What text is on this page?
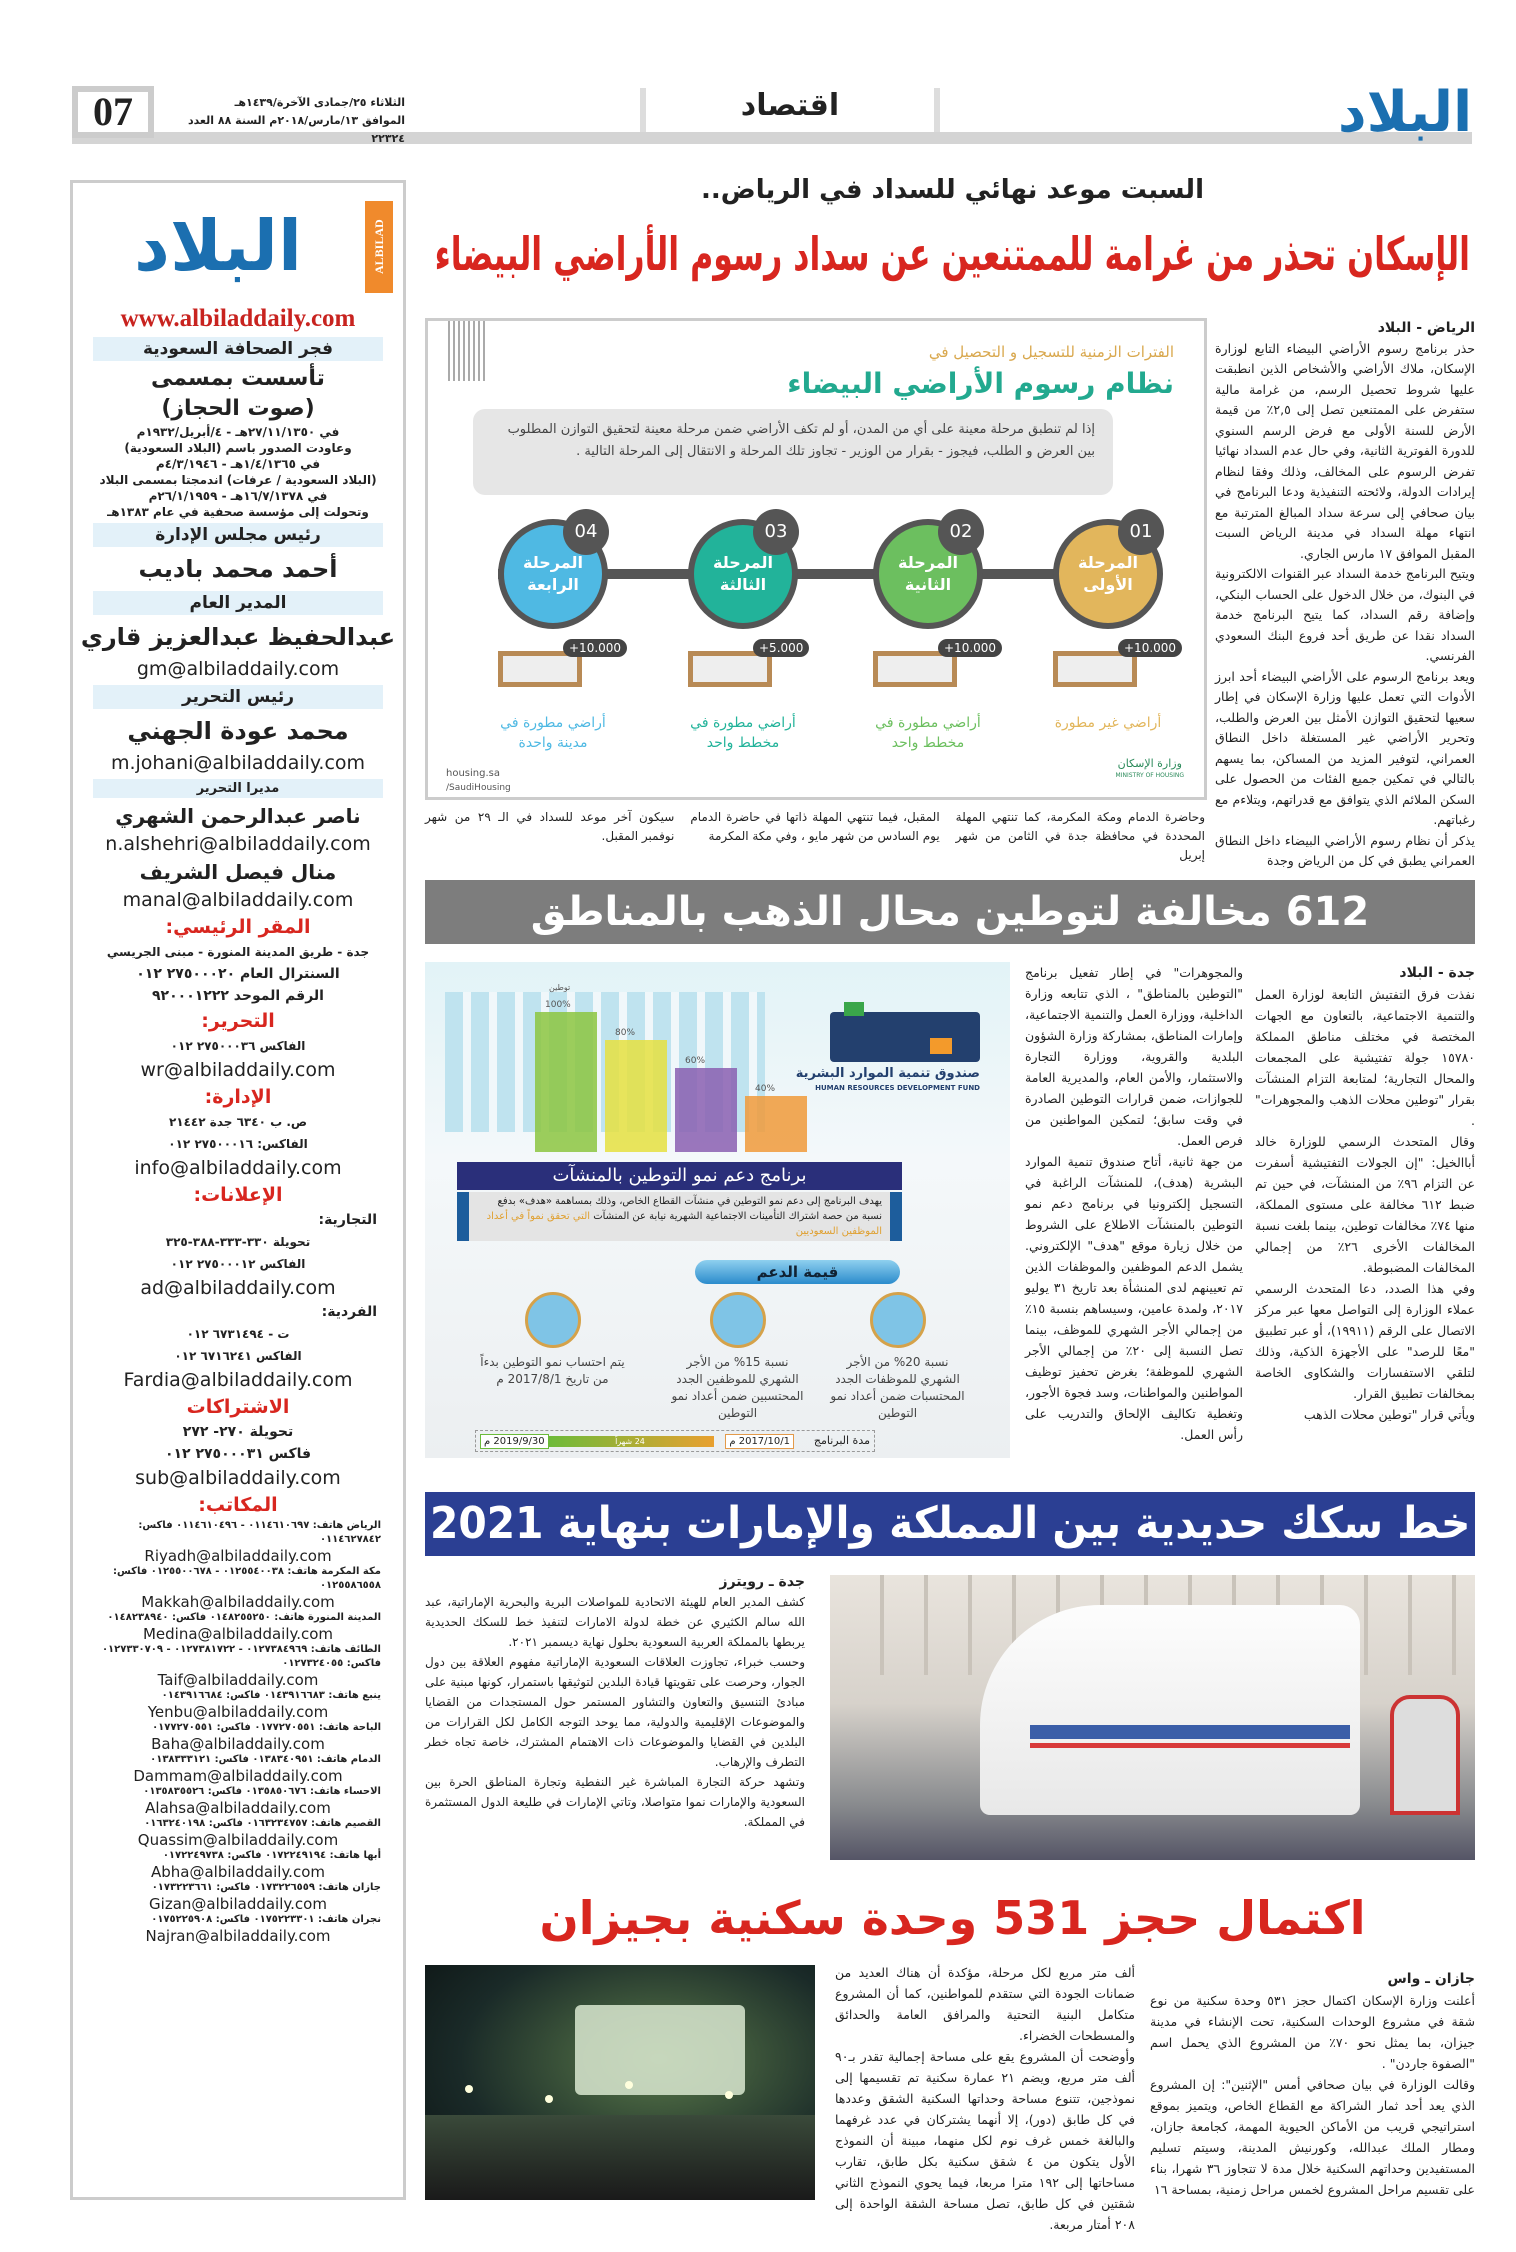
البلاد
اقتصاد
07	الثلاثاء ٢٥/جمادى الآخرة/١٤٣٩هـ
الموافق ١٣/مارس/٢٠١٨م السنة ٨٨ العدد ٢٢٣٢٤
البلاد	ALBILAD
www.albiladdaily.com
فجر الصحافة السعودية
تأسست بمسمى
(صوت الحجاز)
في ٢٧/١١/١٣٥٠هـ - ٤/أبريل/١٩٣٢م
وعاودت الصدور باسم (البلاد السعودية)
في ١/٤/١٣٦٥هـ - ٤/٣/١٩٤٦م
(البلاد السعودية / عرفات) اندمجتا بمسمى البلاد
في ١٦/٧/١٣٧٨هـ - ٢٦/١/١٩٥٩م
وتحولت إلى مؤسسة صحفية في عام ١٣٨٣هـ
رئيس مجلس الإدارة
أحمد محمد باديب
المدير العام
عبدالحفيظ عبدالعزيز قاري
gm@albiladdaily.com
رئيس التحرير
محمد عودة الجهني
m.johani@albiladdaily.com
مديرا التحرير
ناصر عبدالرحمن الشهري
n.alshehri@albiladdaily.com
منال فيصل الشريف
manal@albiladdaily.com
المقر الرئيسي:
جدة - طريق المدينة المنورة - مبنى الجريسي
السنترال العام ٢٧٥٠٠٠٢٠ ٠١٢
الرقم الموحد ٩٢٠٠٠١٢٢٢
التحرير:
الفاكس ٢٧٥٠٠٠٣٦ ٠١٢
wr@albiladdaily.com
الإدارة:
ص. ب ٦٣٤٠ جدة ٢١٤٤٢
الفاكس: ٢٧٥٠٠٠١٦ ٠١٢
info@albiladdaily.com
الإعلانات:
التجارية:
تحويلة ٣٣٠-٣٣٣-٣٨٨-٣٢٥
الفاكس ٢٧٥٠٠٠١٢ ٠١٢
ad@albiladdaily.com
الفردية:
ت - ٦٧٣١٤٩٤ ٠١٢
الفاكس ٦٧١٦٢٤١ ٠١٢
Fardia@albiladdaily.com
الاشتراكات
تحويلة ٢٧٠- ٢٧٢
فاكس ٢٧٥٠٠٠٣١ ٠١٢
sub@albiladdaily.com
المكاتب:
الرياض هاتف: ٠١١٤٦١٠٦٩٧ - ٠١١٤٦١٠٤٩٦ فاكس: ٠١١٤٦٢٧٨٤٢
Riyadh@albiladdaily.com
مكة المكرمة هاتف: ٠١٢٥٥٤٠٠٣٨ - ٠١٢٥٥٠٠٦٧٨ فاكس: ٠١٢٥٥٨٦٥٥٨
Makkah@albiladdaily.com
المدينة المنورة هاتف: ٠١٤٨٢٥٥٢٥٠ فاكس: ٠١٤٨٢٣٨٩٤٠
Medina@albiladdaily.com
الطائف هاتف: ٠١٢٧٣٨٤٩٦٩ - ٠١٢٧٣٨١٧٢٢ - ٠١٢٧٣٣٠٧٠٩ فاكس: ٠١٢٧٣٢٤٠٥٥
Taif@albiladdaily.com
ينبع هاتف: ٠١٤٣٩١٦٦٨٣ فاكس: ٠١٤٣٩١٦٦٨٤
Yenbu@albiladdaily.com
الباحة هاتف: ٠١٧٧٢٧٠٥٥١ فاكس: ٠١٧٧٢٧٠٥٥١
Baha@albiladdaily.com
الدمام هاتف: ٠١٣٨٣٤٠٩٥١ فاكس: ٠١٣٨٣٣٣١٢١
Dammam@albiladdaily.com
الاحساء هاتف: ٠١٣٥٨٥٠٦٧٦ فاكس: ٠١٣٥٨٣٥٥٢٦
Alahsa@albiladdaily.com
القصيم هاتف: ٠١٦٣٢٣٤٧٥٧ فاكس: ٠١٦٣٢٤٠١٩٨
Quassim@albiladdaily.com
أبها هاتف: ٠١٧٢٢٤٩١٩٤ فاكس: ٠١٧٢٢٤٩٧٣٨
Abha@albiladdaily.com
جازان هاتف: ٠١٧٣٢٢٦٥٥٩ فاكس: ٠١٧٣٢٢٣٦٦١
Gizan@albiladdaily.com
نجران هاتف: ٠١٧٥٢٢٣٣٠١ فاكس: ٠١٧٥٢٢٥٩٠٨
Najran@albiladdaily.com
السبت موعد نهائي للسداد في الرياض..
الإسكان تحذر من غرامة للممتنعين عن سداد رسوم الأراضي البيضاء
الرياض - البلاد

حذر برنامج رسوم الأراضي البيضاء التابع لوزارة الإسكان، ملاك الأراضي والأشخاص الذين انطبقت عليها شروط تحصيل الرسم، من غرامة مالية ستفرض على الممتنعين تصل إلى ٢,٥٪ من قيمة الأرض للسنة الأولى مع فرض الرسم السنوي للدورة الفوترية الثانية، وفي حال عدم السداد نهائيا تفرض الرسوم على المخالف، وذلك وفقا لنظام إيرادات الدولة، ولائحته التنفيذية ودعا البرنامج في بيان صحافي إلى سرعة سداد المبالغ المترتبة مع انتهاء مهلة السداد في مدينة الرياض السبت المقبل الموافق ١٧ مارس الجاري.

ويتيح البرنامج خدمة السداد عبر القنوات الالكترونية في البنوك، من خلال الدخول على الحساب البنكي، وإضافة رقم السداد، كما يتيح البرنامج خدمة السداد نقدا عن طريق أحد فروع البنك السعودي الفرنسي.

ويعد برنامج الرسوم على الأراضي البيضاء أحد ابرز الأدوات التي تعمل عليها وزارة الإسكان في إطار سعيها لتحقيق التوازن الأمثل بين العرض والطلب، وتحرير الأراضي غير المستغلة داخل النطاق العمراني، لتوفير المزيد من المساكن، بما يسهم بالتالي في تمكين جميع الفئات من الحصول على السكن الملائم الذي يتوافق مع قدراتهم، ويتلاءم مع رغباتهم.

يذكر أن نظام رسوم الأراضي البيضاء داخل النطاق العمراني يطبق في كل من الرياض وجدة

الفترات الزمنية للتسجيل و التحصيل في
نظام رسوم الأراضي البيضاء
إذا لم تنطبق مرحلة معينة على أي من المدن، أو لم تكف الأراضي ضمن مرحلة معينة لتحقيق التوازن المطلوب بين العرض و الطلب، فيجوز - بقرار من الوزير - تجاوز تلك المرحلة و الانتقال إلى المرحلة التالية .
المرحلة الأولى
01
+10.000
أراضي غير مطورة
المرحلة الثانية
02
+10.000
أراضي مطورة في مخطط واحد
المرحلة الثالثة
03
+5.000
أراضي مطورة في مخطط واحد
المرحلة الرابعة
04
+10.000
أراضي مطورة في مدينة واحدة
housing.sa
/SaudiHousing
وزارة الإسكان
MINISTRY OF HOUSING

وحاضرة الدمام ومكة المكرمة، كما تنتهي المهلة المحددة في محافظة جدة في الثامن من شهر إبريل

المقبل، فيما تنتهي المهلة ذاتها في حاضرة الدمام يوم السادس من شهر مايو ، وفي مكة المكرمة

سيكون آخر موعد للسداد في الـ ٢٩ من شهر نوفمبر المقبل.

612 مخالفة لتوطين محال الذهب بالمناطق
جدة - البلاد

نفذت فرق التفتيش التابعة لوزارة العمل والتنمية الاجتماعية، بالتعاون مع الجهات المختصة في مختلف مناطق المملكة ١٥٧٨٠ جولة تفتيشية على المجمعات والمحال التجارية؛ لمتابعة التزام المنشآت بقرار "توطين محلات الذهب والمجوهرات" .

وقال المتحدث الرسمي للوزارة خالد أباالخيل: "إن الجولات التفتيشية أسفرت عن التزام ٩٦٪ من المنشآت، في حين تم ضبط ٦١٢ مخالفة على مستوى المملكة، منها ٧٤٪ مخالفات توطين، بينما بلغت نسبة المخالفات الأخرى ٢٦٪ من إجمالي المخالفات المضبوطة.

وفي هذا الصدد، دعا المتحدث الرسمي عملاء الوزارة إلى التواصل معها عبر مركز الاتصال على الرقم (١٩٩١١)، أو عبر تطبيق "معًا للرصد" على الأجهزة الذكية، وذلك لتلقي الاستفسارات والشكاوى الخاصة بمخالفات تطبيق القرار.

ويأتي قرار "توطين محلات الذهب

والمجوهرات" في إطار تفعيل برنامج "التوطين بالمناطق" ، الذي تتابعه وزارة الداخلية، ووزارة العمل والتنمية الاجتماعية، وإمارات المناطق، بمشاركة وزارة الشؤون البلدية والقروية، ووزارة التجارة والاستثمار، والأمن العام، والمديرية العامة للجوازات، ضمن قرارات التوطين الصادرة في وقت سابق؛ لتمكين المواطنين من فرص العمل.

من جهة ثانية، أتاح صندوق تنمية الموارد البشرية (هدف)، للمنشآت الراغبة في التسجيل إلكترونيا في برنامج دعم نمو التوطين بالمنشآت الاطلاع على الشروط من خلال زيارة موقع "هدف" الإلكتروني. يشمل الدعم الموظفين والموظفات الذين تم تعيينهم لدى المنشأة بعد تاريخ ٣١ يوليو ٢٠١٧، ولمدة عامين، وسيساهم بنسبة ١٥٪ من إجمالي الأجر الشهري للموظف، بينما تصل النسبة إلى ٢٠٪ من إجمالي الأجر الشهري للموظفة؛ بغرض تحفيز توظيف المواطنين والمواطنات، وسد فجوة الأجور، وتغطية تكاليف الإلحاق والتدريب على رأس العمل.

100%
80%
60%
40%
توطين
صندوق تنمية الموارد البشرية
HUMAN RESOURCES DEVELOPMENT FUND
برنامج دعم نمو التوطين بالمنشآت
يهدف البرنامج إلى دعم نمو التوطين في منشآت القطاع الخاص، وذلك بمساهمة «هدف» بدفع نسبة من حصة اشتراك التأمينات الاجتماعية الشهرية نيابة عن المنشآت التي تحقق نمواً في أعداد الموظفين السعوديين
قيمة الدعم
نسبة 20% من الأجر الشهري للموظفات الجدد المحتسبات ضمن أعداد نمو التوطين
نسبة 15% من الأجر الشهري للموظفين الجدد المحتسبين ضمن أعداد نمو التوطين
يتم احتساب نمو التوطين بدءاً من تاريخ 2017/8/1 م
مدة البرنامج
2017/10/1 م
24 شهراً
2019/9/30 م
خط سكك حديدية بين المملكة والإمارات بنهاية 2021
جدة ـ رويترز

كشف المدير العام للهيئة الاتحادية للمواصلات البرية والبحرية الإماراتية، عبد الله سالم الكثيري عن خطة لدولة الامارات لتنفيذ خط للسكك الحديدية يربطها بالمملكة العربية السعودية بحلول نهاية ديسمبر ٢٠٢١.

وحسب خبراء، تجاوزت العلاقات السعودية الإماراتية مفهوم العلاقة بين دول الجوار، وحرصت على تقويتها قيادة البلدين لتوثيقها باستمرار، كونها مبنية على مبادئ التنسيق والتعاون والتشاور المستمر حول المستجدات من القضايا والموضوعات الإقليمية والدولية، مما يوحد التوجه الكامل لكل القرارات من البلدين في القضايا والموضوعات ذات الاهتمام المشترك، خاصة تجاه خطر التطرف والإرهاب.

وتشهد حركة التجارة المباشرة غير النفطية وتجارة المناطق الحرة بين السعودية والإمارات نموا متواصلا، وتاتي الإمارات في طليعة الدول المستثمرة في المملكة.

اكتمال حجز 531 وحدة سكنية بجيزان
جازان ـ واس

أعلنت وزارة الإسكان اكتمال حجز ٥٣١ وحدة سكنية من نوع شقة في مشروع الوحدات السكنية، تحت الإنشاء في مدينة جيزان، بما يمثل نحو ٧٠٪ من المشروع الذي يحمل اسم "الصفوة جاردن" .

وقالت الوزارة في بيان صحافي أمس "الإثنين": إن المشروع الذي يعد أحد ثمار الشراكة مع القطاع الخاص، ويتميز بموقع استراتيجي قريب من الأماكن الحيوية المهمة، كجامعة جازان، ومطار الملك عبدالله، وكورنيش المدينة، وسيتم تسليم المستفيدين وحداتهم السكنية خلال مدة لا تتجاوز ٣٦ شهرا، بناء على تقسيم مراحل المشروع لخمس مراحل زمنية، بمساحة ١٦

ألف متر مربع لكل مرحلة، مؤكدة أن هناك العديد من ضمانات الجودة التي ستقدم للمواطنين، كما أن المشروع متكامل البنية التحتية والمرافق العامة والحدائق والمسطحات الخضراء.

وأوضحت أن المشروع يقع على مساحة إجمالية تقدر بـ٩٠ ألف متر مربع، ويضم ٢١ عمارة سكنية تم تقسيمها إلى نموذجين، تتنوع مساحة وحداتها السكنية الشقق وعددها في كل طابق (دور)، إلا أنهما يشتركان في عدد غرفهما والبالغة خمس غرف نوم لكل منهما، مبينة أن النموذج الأول يتكون من ٤ شقق سكنية بكل طابق، تقارب مساحاتها إلى ١٩٢ مترا مربعا، فيما يحوي النموذج الثاني شقتين في كل طابق، تصل مساحة الشقة الواحدة إلى ٢٠٨ أمتار مربعة.
